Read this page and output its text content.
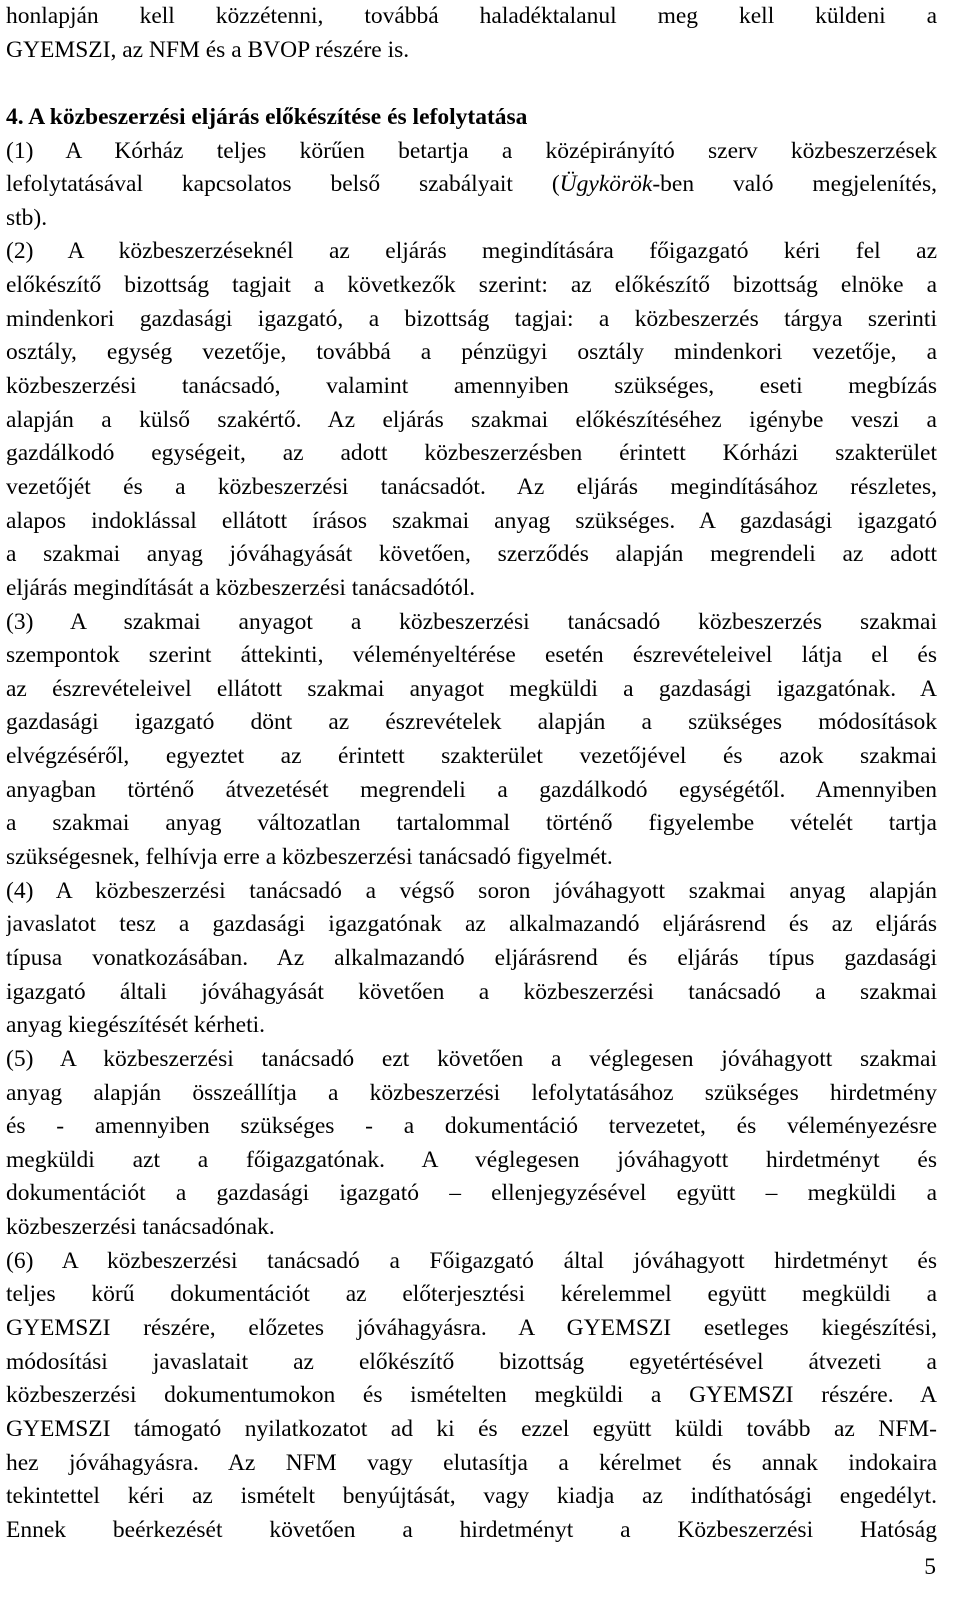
honlapján kell közzétenni, továbbá haladéktalanul meg kell küldeni a
GYEMSZI, az NFM és a BVOP részére is.
4. A közbeszerzési eljárás előkészítése és lefolytatása
(1) A Kórház teljes körűen betartja a középirányító szerv közbeszerzések
lefolytatásával kapcsolatos belső szabályait (Ügykörök-ben való megjelenítés,
stb).
(2) A közbeszerzéseknél az eljárás megindítására főigazgató kéri fel az
előkészítő bizottság tagjait a következők szerint: az előkészítő bizottság elnöke a
mindenkori gazdasági igazgató, a bizottság tagjai: a közbeszerzés tárgya szerinti
osztály, egység vezetője, továbbá a pénzügyi osztály mindenkori vezetője, a
közbeszerzési tanácsadó, valamint amennyiben szükséges, eseti megbízás
alapján a külső szakértő. Az eljárás szakmai előkészítéséhez igénybe veszi a
gazdálkodó egységeit, az adott közbeszerzésben érintett Kórházi szakterület
vezetőjét és a közbeszerzési tanácsadót. Az eljárás megindításához részletes,
alapos indoklással ellátott írásos szakmai anyag szükséges. A gazdasági igazgató
a szakmai anyag jóváhagyását követően, szerződés alapján megrendeli az adott
eljárás megindítását a közbeszerzési tanácsadótól.
(3) A szakmai anyagot a közbeszerzési tanácsadó közbeszerzés szakmai
szempontok szerint áttekinti, véleményeltérése esetén észrevételeivel látja el és
az észrevételeivel ellátott szakmai anyagot megküldi a gazdasági igazgatónak. A
gazdasági igazgató dönt az észrevételek alapján a szükséges módosítások
elvégzéséről, egyeztet az érintett szakterület vezetőjével és azok szakmai
anyagban történő átvezetését megrendeli a gazdálkodó egységétől. Amennyiben
a szakmai anyag változatlan tartalommal történő figyelembe vételét tartja
szükségesnek, felhívja erre a közbeszerzési tanácsadó figyelmét.
(4) A közbeszerzési tanácsadó a végső soron jóváhagyott szakmai anyag alapján
javaslatot tesz a gazdasági igazgatónak az alkalmazandó eljárásrend és az eljárás
típusa vonatkozásában. Az alkalmazandó eljárásrend és eljárás típus gazdasági
igazgató általi jóváhagyását követően a közbeszerzési tanácsadó a szakmai
anyag kiegészítését kérheti.
(5) A közbeszerzési tanácsadó ezt követően a véglegesen jóváhagyott szakmai
anyag alapján összeállítja a közbeszerzési lefolytatásához szükséges hirdetmény
és - amennyiben szükséges - a dokumentáció tervezetet, és véleményezésre
megküldi azt a főigazgatónak. A véglegesen jóváhagyott hirdetményt és
dokumentációt a gazdasági igazgató – ellenjegyzésével együtt – megküldi a
közbeszerzési tanácsadónak.
(6) A közbeszerzési tanácsadó a Főigazgató által jóváhagyott hirdetményt és
teljes körű dokumentációt az előterjesztési kérelemmel együtt megküldi a
GYEMSZI részére, előzetes jóváhagyásra. A GYEMSZI esetleges kiegészítési,
módosítási javaslatait az előkészítő bizottság egyetértésével átvezeti a
közbeszerzési dokumentumokon és ismételten megküldi a GYEMSZI részére. A
GYEMSZI támogató nyilatkozatot ad ki és ezzel együtt küldi tovább az NFM-
hez jóváhagyásra. Az NFM vagy elutasítja a kérelmet és annak indokaira
tekintettel kéri az ismételt benyújtását, vagy kiadja az indíthatósági engedélyt.
Ennek beérkezését követően a hirdetményt a Közbeszerzési Hatóság
5
